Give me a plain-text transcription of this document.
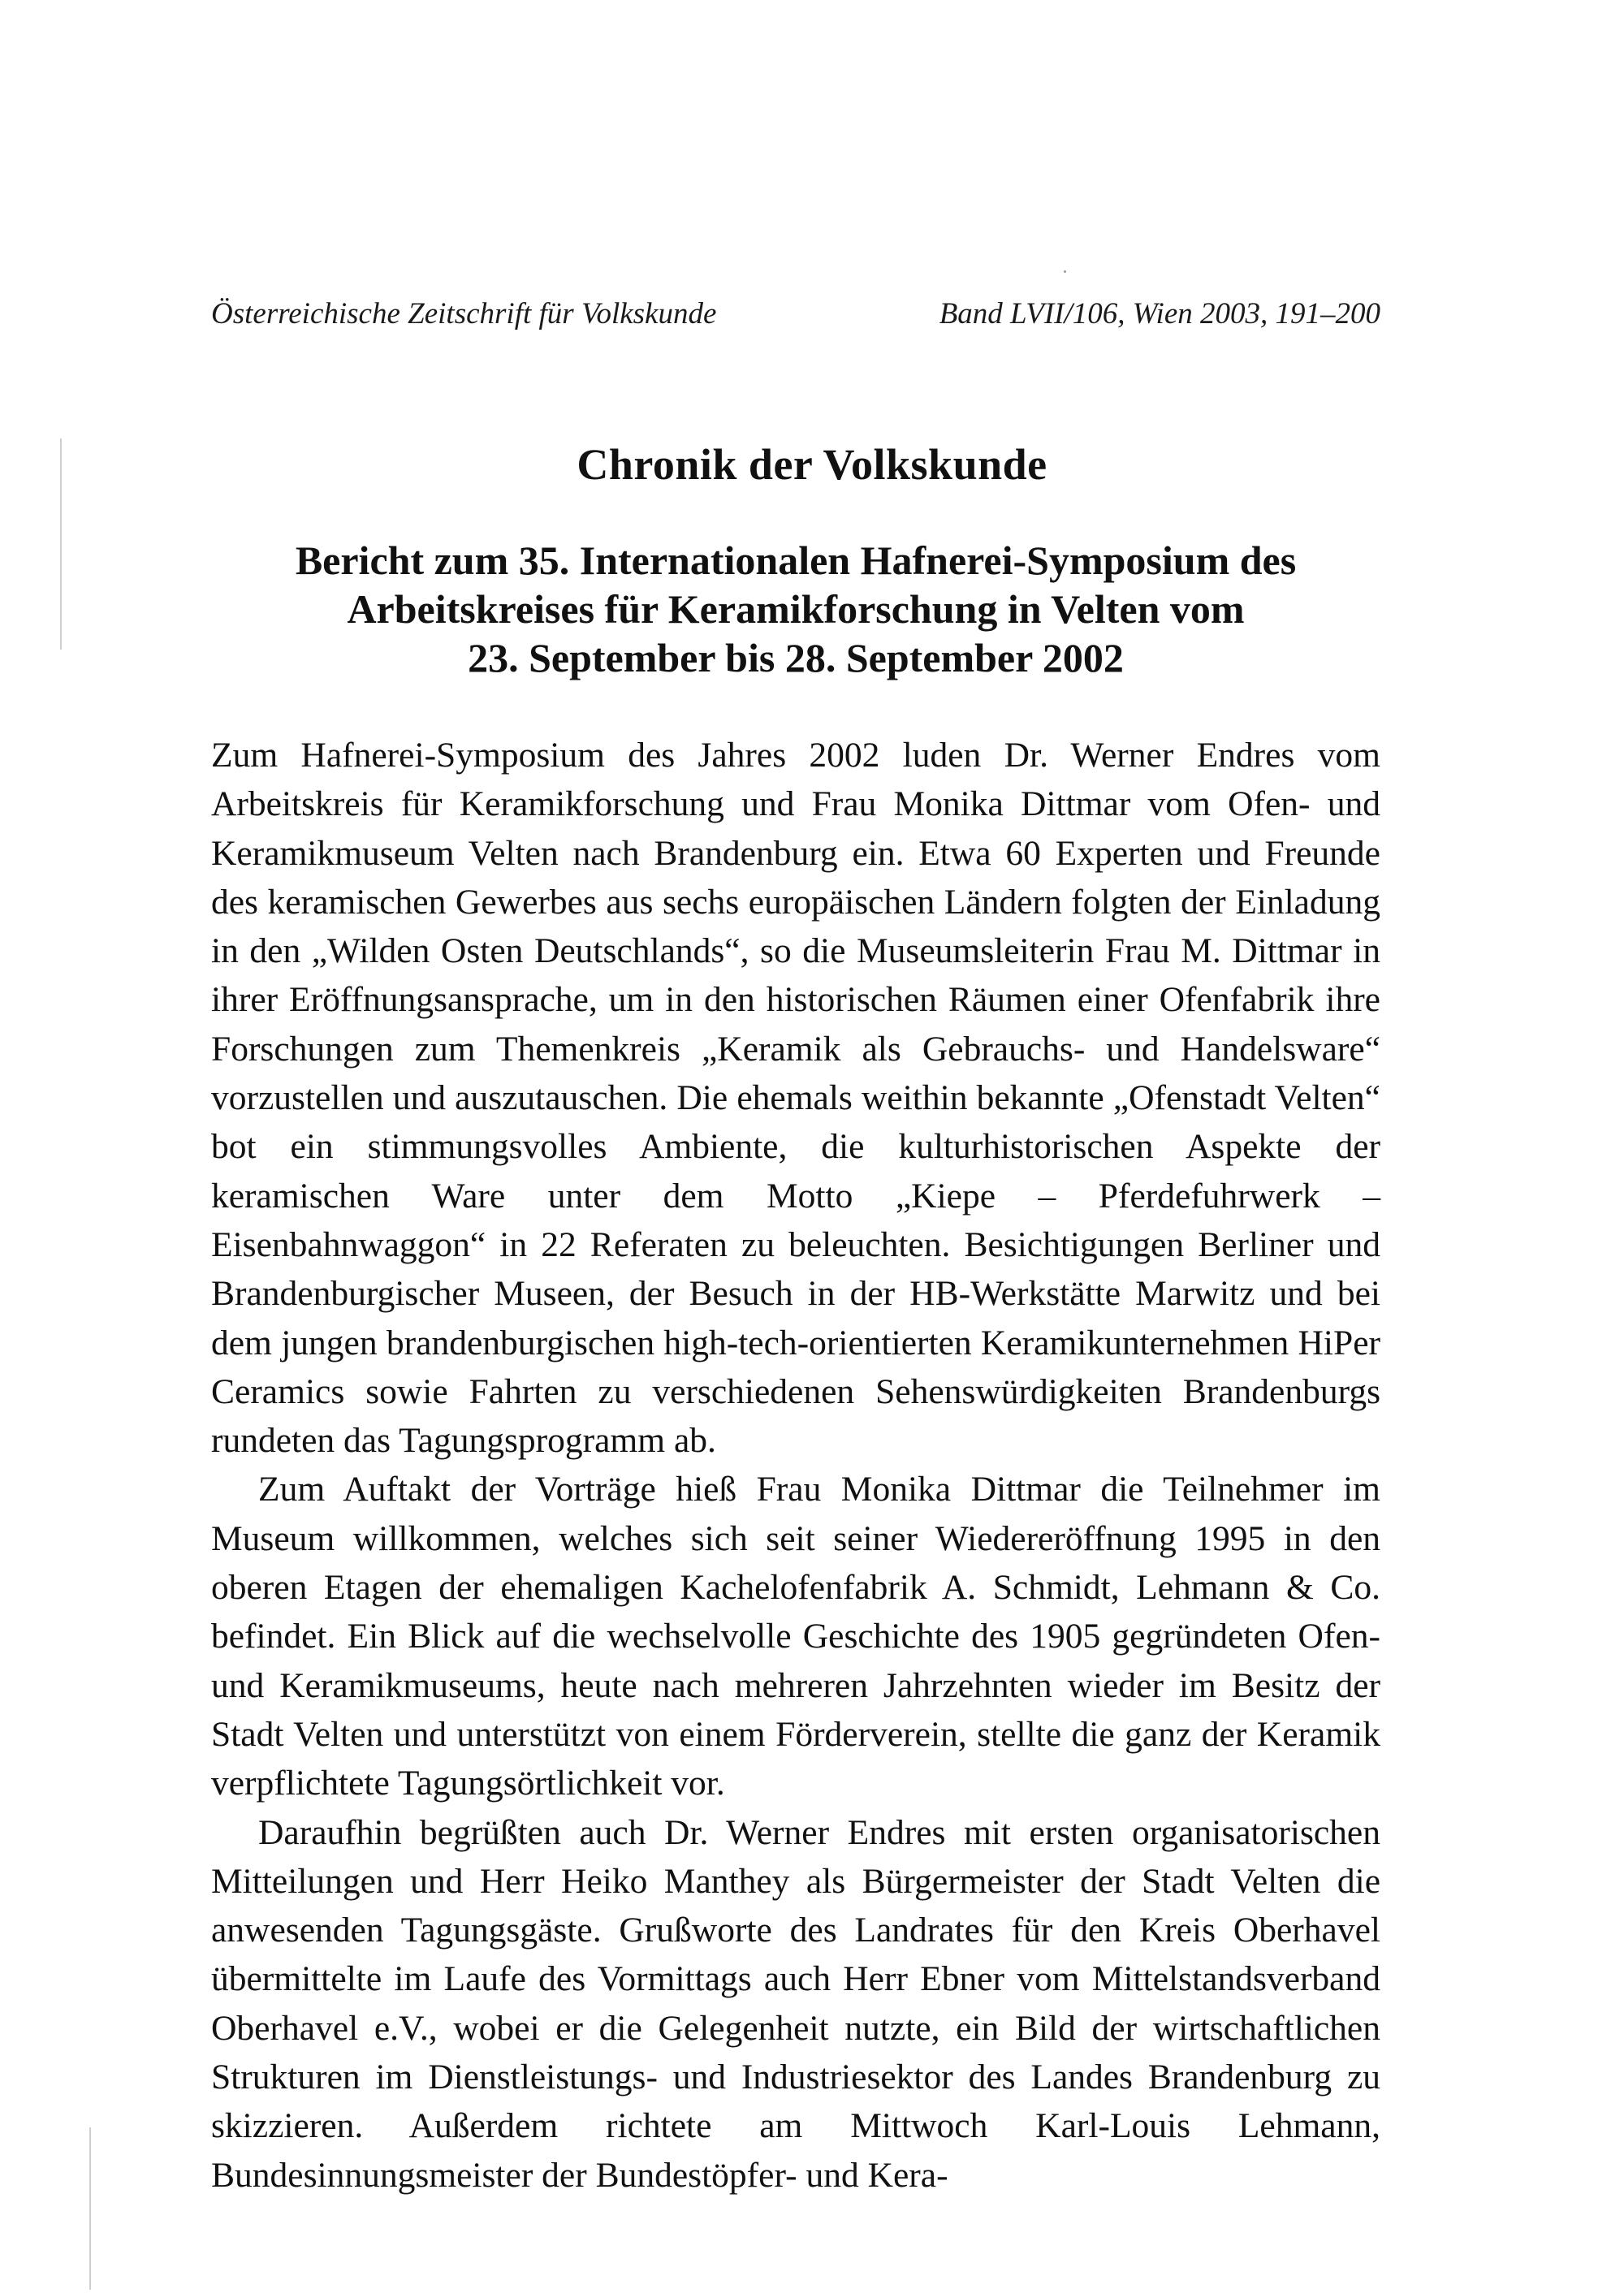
Österreichische Zeitschrift für Volkskunde	Band LVII/106, Wien 2003, 191–200
Chronik der Volkskunde
Bericht zum 35. Internationalen Hafnerei-Symposium des
Arbeitskreises für Keramikforschung in Velten vom
23. September bis 28. September 2002

Zum Hafnerei-Symposium des Jahres 2002 luden Dr. Werner Endres vom Arbeitskreis für Keramikforschung und Frau Monika Dittmar vom Ofen- und Keramikmuseum Velten nach Brandenburg ein. Etwa 60 Experten und Freunde des keramischen Gewerbes aus sechs europäischen Ländern folgten der Einladung in den „Wilden Osten Deutschlands“, so die Museumsleiterin Frau M. Dittmar in ihrer Eröffnungsansprache, um in den historischen Räumen einer Ofenfabrik ihre Forschungen zum Themenkreis „Keramik als Gebrauchs- und Handelsware“ vorzustellen und auszutauschen. Die ehemals weithin bekannte „Ofenstadt Velten“ bot ein stimmungsvolles Ambiente, die kulturhistorischen Aspekte der keramischen Ware unter dem Motto „Kiepe – Pferdefuhrwerk – Eisenbahnwaggon“ in 22 Referaten zu beleuchten. Besichtigungen Berliner und Brandenburgischer Museen, der Besuch in der HB-Werkstätte Marwitz und bei dem jungen brandenburgischen high-tech-orientierten Keramikunternehmen HiPer Ceramics sowie Fahrten zu verschiedenen Sehenswürdigkeiten Brandenburgs rundeten das Tagungsprogramm ab.

Zum Auftakt der Vorträge hieß Frau Monika Dittmar die Teilnehmer im Museum willkommen, welches sich seit seiner Wiedereröffnung 1995 in den oberen Etagen der ehemaligen Kachelofenfabrik A. Schmidt, Lehmann & Co. befindet. Ein Blick auf die wechselvolle Geschichte des 1905 gegründeten Ofen- und Keramikmuseums, heute nach mehreren Jahrzehnten wieder im Besitz der Stadt Velten und unterstützt von einem Förderverein, stellte die ganz der Keramik verpflichtete Tagungsörtlichkeit vor.

Daraufhin begrüßten auch Dr. Werner Endres mit ersten organisatorischen Mitteilungen und Herr Heiko Manthey als Bürgermeister der Stadt Velten die anwesenden Tagungsgäste. Grußworte des Landrates für den Kreis Oberhavel übermittelte im Laufe des Vormittags auch Herr Ebner vom Mittelstandsverband Oberhavel e.V., wobei er die Gelegenheit nutzte, ein Bild der wirtschaftlichen Strukturen im Dienstleistungs- und Industriesektor des Landes Brandenburg zu skizzieren. Außerdem richtete am Mittwoch Karl-Louis Lehmann, Bundesinnungsmeister der Bundestöpfer- und Kera-
